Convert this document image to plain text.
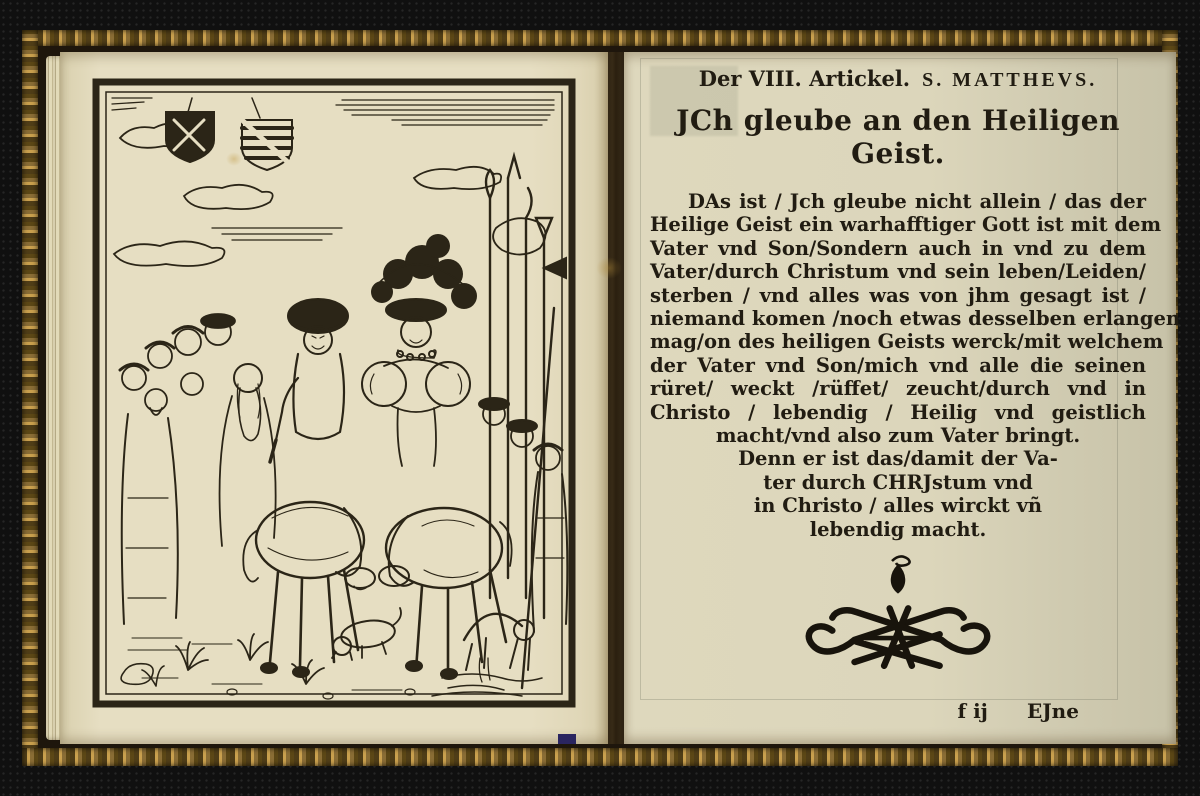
Der VIII. Artickel. S. MATTHEVS.
JCh gleube an den Heiligen Geist.
DAs ist / Jch gleube nicht allein / das der
Heilige Geist ein warhafftiger Gott ist mit dem
Vater vnd Son/Sondern auch in vnd zu dem
Vater/durch Christum vnd sein leben/Leiden/
sterben / vnd alles was von jhm gesagt ist /
niemand komen /noch etwas desselben erlangen
mag/on des heiligen Geists werck/mit welchem
der Vater vnd Son/mich vnd alle die seinen
rüret/ weckt /rüffet/ zeucht/durch vnd in
Christo / lebendig / Heilig vnd geistlich
macht/vnd also zum Vater bringt.
Denn er ist das/damit der Va-
ter durch CHRJstum vnd
in Christo / alles wirckt vñ
lebendig macht.
f ij EJne
